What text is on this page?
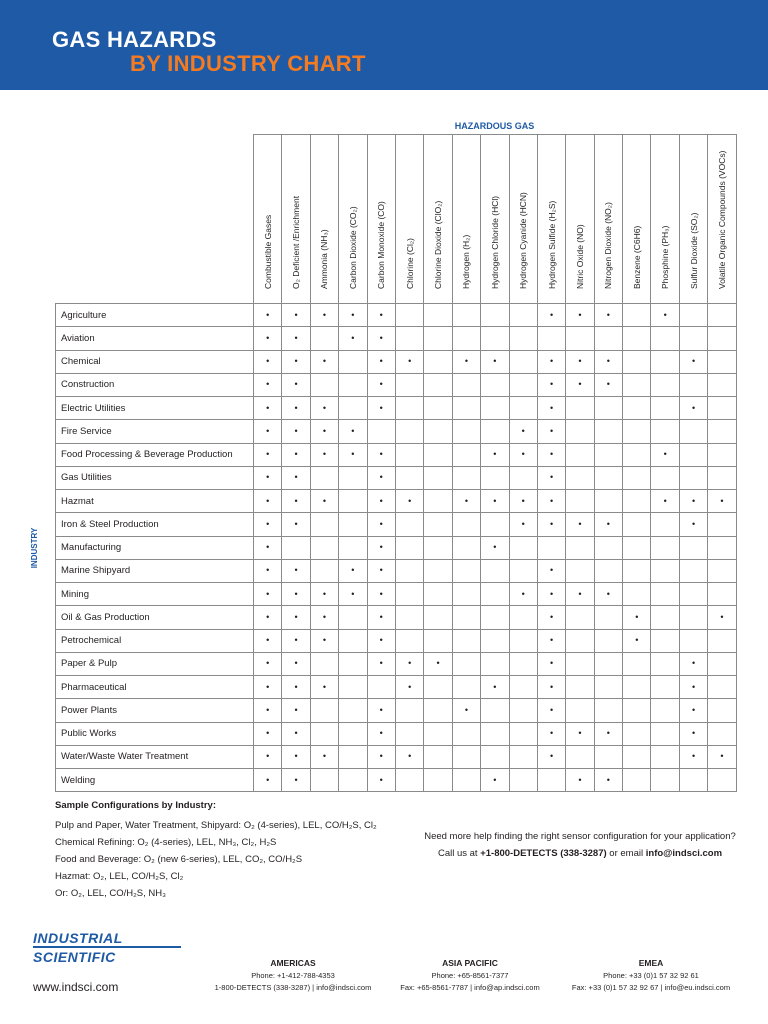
GAS HAZARDS
BY INDUSTRY CHART
HAZARDOUS GAS
INDUSTRY

	Combustible Gases	O₂ Deficient /Enrichment	Ammonia (NH₃)	Carbon Dioxide (CO₂)	Carbon Monoxide (CO)	Chlorine (Cl₂)	Chlorine Dioxide (ClO₂)	Hydrogen (H₂)	Hydrogen Chloride (HCl)	Hydrogen Cyanide (HCN)	Hydrogen Sulfide (H₂S)	Nitric Oxide (NO)	Nitrogen Dioxide (NO₂)	Benzene (C6H6)	Phosphine (PH₃)	Sulfur Dioxide (SO₂)	Volatile Organic Compounds (VOCs)

Agriculture	•	•	•	•	•						•	•	•		•		
Aviation	•	•		•	•												
Chemical	•	•	•		•	•		•	•		•	•	•			•	
Construction	•	•			•						•	•	•				
Electric Utilities	•	•	•		•						•					•	
Fire Service	•	•	•	•						•	•						
Food Processing & Beverage Production	•	•	•	•	•				•	•	•				•		
Gas Utilities	•	•			•						•						
Hazmat	•	•	•		•	•		•	•	•	•				•	•	•
Iron & Steel Production	•	•			•					•	•	•	•			•	
Manufacturing	•				•				•								
Marine Shipyard	•	•		•	•						•						
Mining	•	•	•	•	•					•	•	•	•				
Oil & Gas Production	•	•	•		•						•			•			•
Petrochemical	•	•	•		•						•			•			
Paper & Pulp	•	•			•	•	•				•					•	
Pharmaceutical	•	•	•			•			•		•					•	
Power Plants	•	•			•			•			•					•	
Public Works	•	•			•						•	•	•			•	
Water/Waste Water Treatment	•	•	•		•	•					•					•	•
Welding	•	•			•				•			•	•				
Sample Configurations by Industry:
Pulp and Paper, Water Treatment, Shipyard: O₂ (4-series), LEL, CO/H₂S, Cl₂
Chemical Refining: O₂ (4-series), LEL, NH₃, Cl₂, H₂S
Food and Beverage: O₂ (new 6-series), LEL, CO₂, CO/H₂S
Hazmat: O₂, LEL, CO/H₂S, Cl₂
Or: O₂, LEL, CO/H₂S, NH₃
Need more help finding the right sensor configuration for your application?
Call us at +1-800-DETECTS (338-3287) or email info@indsci.com
INDUSTRIAL
SCIENTIFIC
www.indsci.com
AMERICAS
Phone: +1-412-788-4353
1-800-DETECTS (338-3287) | info@indsci.com
ASIA PACIFIC
Phone: +65-8561-7377
Fax: +65-8561-7787 | info@ap.indsci.com
EMEA
Phone: +33 (0)1 57 32 92 61
Fax: +33 (0)1 57 32 92 67 | info@eu.indsci.com
